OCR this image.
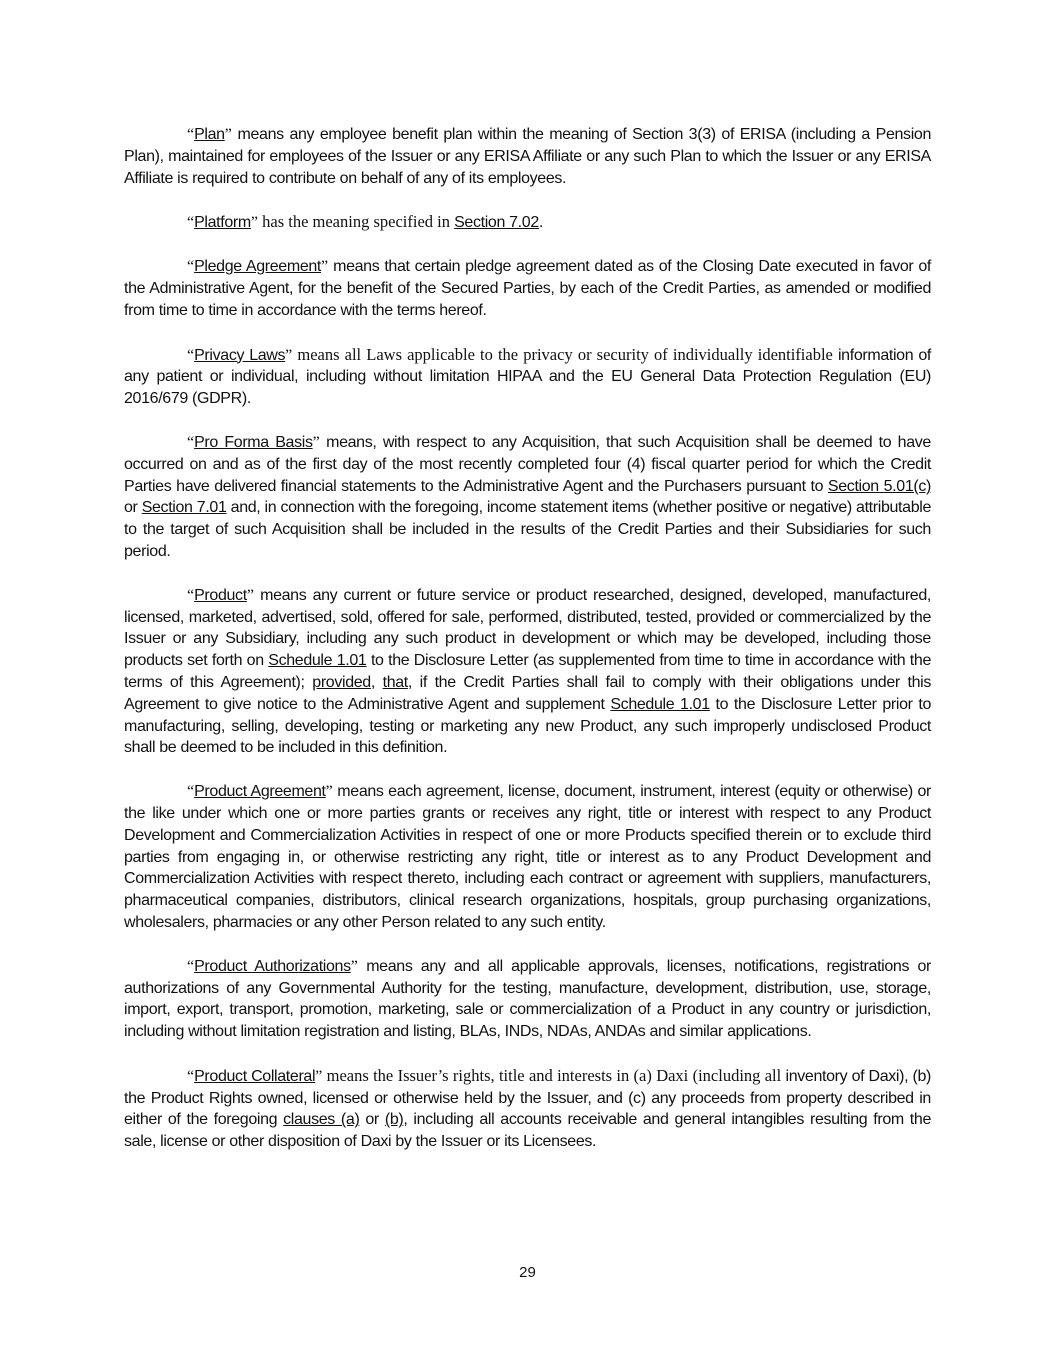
“Plan” means any employee benefit plan within the meaning of Section 3(3) of ERISA (including a Pension Plan), maintained for employees of the Issuer or any ERISA Affiliate or any such Plan to which the Issuer or any ERISA Affiliate is required to contribute on behalf of any of its employees.

“Platform” has the meaning specified in Section 7.02.

“Pledge Agreement” means that certain pledge agreement dated as of the Closing Date executed in favor of the Administrative Agent, for the benefit of the Secured Parties, by each of the Credit Parties, as amended or modified from time to time in accordance with the terms hereof.

“Privacy Laws” means all Laws applicable to the privacy or security of individually identifiable information of any patient or individual, including without limitation HIPAA and the EU General Data Protection Regulation (EU) 2016/679 (GDPR).

“Pro Forma Basis” means, with respect to any Acquisition, that such Acquisition shall be deemed to have occurred on and as of the first day of the most recently completed four (4) fiscal quarter period for which the Credit Parties have delivered financial statements to the Administrative Agent and the Purchasers pursuant to Section 5.01(c) or Section 7.01 and, in connection with the foregoing, income statement items (whether positive or negative) attributable to the target of such Acquisition shall be included in the results of the Credit Parties and their Subsidiaries for such period.

“Product” means any current or future service or product researched, designed, developed, manufactured, licensed, marketed, advertised, sold, offered for sale, performed, distributed, tested, provided or commercialized by the Issuer or any Subsidiary, including any such product in development or which may be developed, including those products set forth on Schedule 1.01 to the Disclosure Letter (as supplemented from time to time in accordance with the terms of this Agreement); provided, that, if the Credit Parties shall fail to comply with their obligations under this Agreement to give notice to the Administrative Agent and supplement Schedule 1.01 to the Disclosure Letter prior to manufacturing, selling, developing, testing or marketing any new Product, any such improperly undisclosed Product shall be deemed to be included in this definition.

“Product Agreement” means each agreement, license, document, instrument, interest (equity or otherwise) or the like under which one or more parties grants or receives any right, title or interest with respect to any Product Development and Commercialization Activities in respect of one or more Products specified therein or to exclude third parties from engaging in, or otherwise restricting any right, title or interest as to any Product Development and Commercialization Activities with respect thereto, including each contract or agreement with suppliers, manufacturers, pharmaceutical companies, distributors, clinical research organizations, hospitals, group purchasing organizations, wholesalers, pharmacies or any other Person related to any such entity.

“Product Authorizations” means any and all applicable approvals, licenses, notifications, registrations or authorizations of any Governmental Authority for the testing, manufacture, development, distribution, use, storage, import, export, transport, promotion, marketing, sale or commercialization of a Product in any country or jurisdiction, including without limitation registration and listing, BLAs, INDs, NDAs, ANDAs and similar applications.

“Product Collateral” means the Issuer’s rights, title and interests in (a) Daxi (including all inventory of Daxi), (b) the Product Rights owned, licensed or otherwise held by the Issuer, and (c) any proceeds from property described in either of the foregoing clauses (a) or (b), including all accounts receivable and general intangibles resulting from the sale, license or other disposition of Daxi by the Issuer or its Licensees.

29
